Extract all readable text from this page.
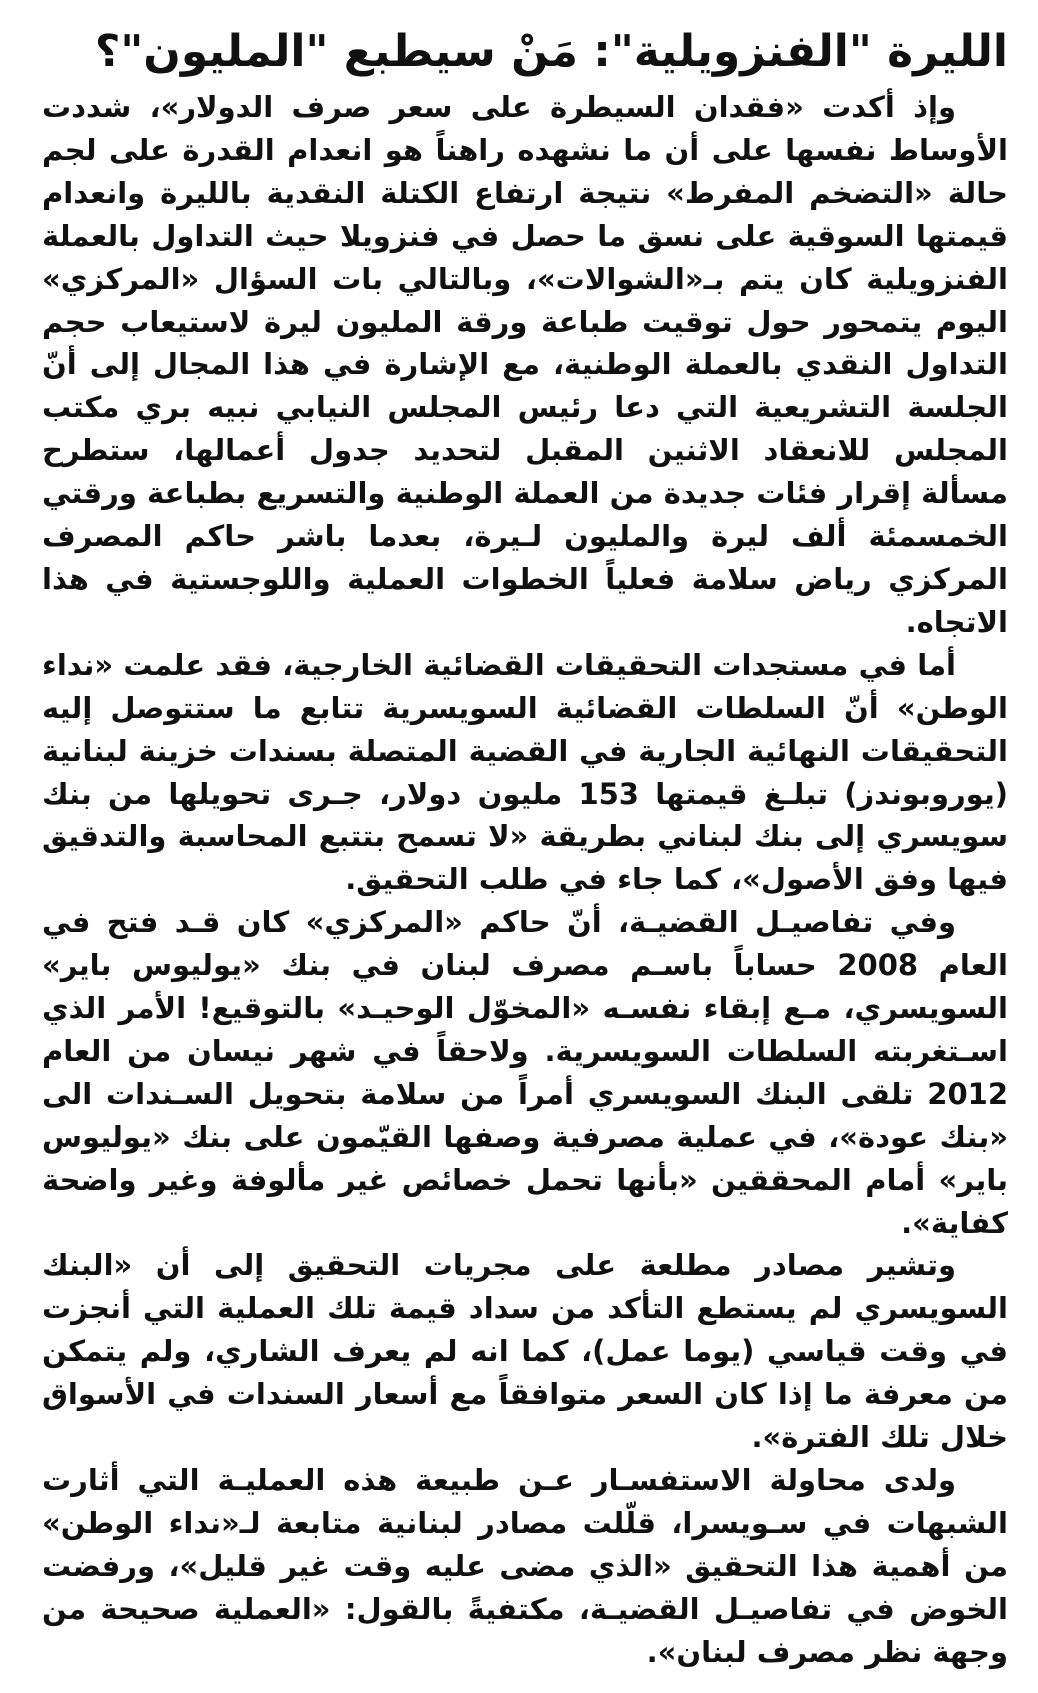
الليرة "الفنزويلية": مَنْ سيطبع "المليون"؟

وإذ أكدت «فقدان السيطرة على سعر صرف الدولار»، شددت الأوساط نفسها على أن ما نشهده راهناً هو انعدام القدرة على لجم حالة «التضخم المفرط» نتيجة ارتفاع الكتلة النقدية بالليرة وانعدام قيمتها السوقية على نسق ما حصل في فنزويلا حيث التداول بالعملة الفنزويلية كان يتم بـ«الشوالات»، وبالتالي بات السؤال «المركزي» اليوم يتمحور حول توقيت طباعة ورقة المليون ليرة لاستيعاب حجم التداول النقدي بالعملة الوطنية، مع الإشارة في هذا المجال إلى أنّ الجلسة التشريعية التي دعا رئيس المجلس النيابي نبيه بري مكتب المجلس للانعقاد الاثنين المقبل لتحديد جدول أعمالها، ستطرح مسألة إقرار فئات جديدة من العملة الوطنية والتسريع بطباعة ورقتي الخمسمئة ألف ليرة والمليون لـيرة، بعدما باشر حاكم المصرف المركزي رياض سلامة فعلياً الخطوات العملية واللوجستية في هذا الاتجاه.

أما في مستجدات التحقيقات القضائية الخارجية، فقد علمت «نداء الوطن» أنّ السلطات القضائية السويسرية تتابع ما ستتوصل إليه التحقيقات النهائية الجارية في القضية المتصلة بسندات خزينة لبنانية (يوروبوندز) تبلـغ قيمتها 153 مليون دولار، جـرى تحويلها من بنك سويسري إلى بنك لبناني بطريقة «لا تسمح بتتبع المحاسبة والتدقيق فيها وفق الأصول»، كما جاء في طلب التحقيق.

وفي تفاصيـل القضيـة، أنّ حاكم «المركزي» كان قـد فتح في العام 2008 حساباً باسـم مصرف لبنان في بنك «يوليوس باير» السويسري، مـع إبقاء نفسـه «المخوّل الوحيـد» بالتوقيع! الأمر الذي اسـتغربته السلطات السويسرية. ولاحقاً في شهر نيسان من العام 2012 تلقى البنك السويسري أمراً من سلامة بتحويل السـندات الى «بنك عودة»، في عملية مصرفية وصفها القيّمون على بنك «يوليوس باير» أمام المحققين «بأنها تحمل خصائص غير مألوفة وغير واضحة كفاية».

وتشير مصادر مطلعة على مجريات التحقيق إلى أن «البنك السويسري لم يستطع التأكد من سداد قيمة تلك العملية التي أنجزت في وقت قياسي (يوما عمل)، كما انه لم يعرف الشاري، ولم يتمكن من معرفة ما إذا كان السعر متوافقاً مع أسعار السندات في الأسواق خلال تلك الفترة».

ولدى محاولة الاستفسـار عـن طبيعة هذه العمليـة التي أثارت الشبهات في سـويسرا، قلّلت مصادر لبنانية متابعة لـ«نداء الوطن» من أهمية هذا التحقيق «الذي مضى عليه وقت غير قليل»، ورفضت الخوض في تفاصيـل القضيـة، مكتفيةً بالقول: «العملية صحيحة من وجهة نظر مصرف لبنان».
